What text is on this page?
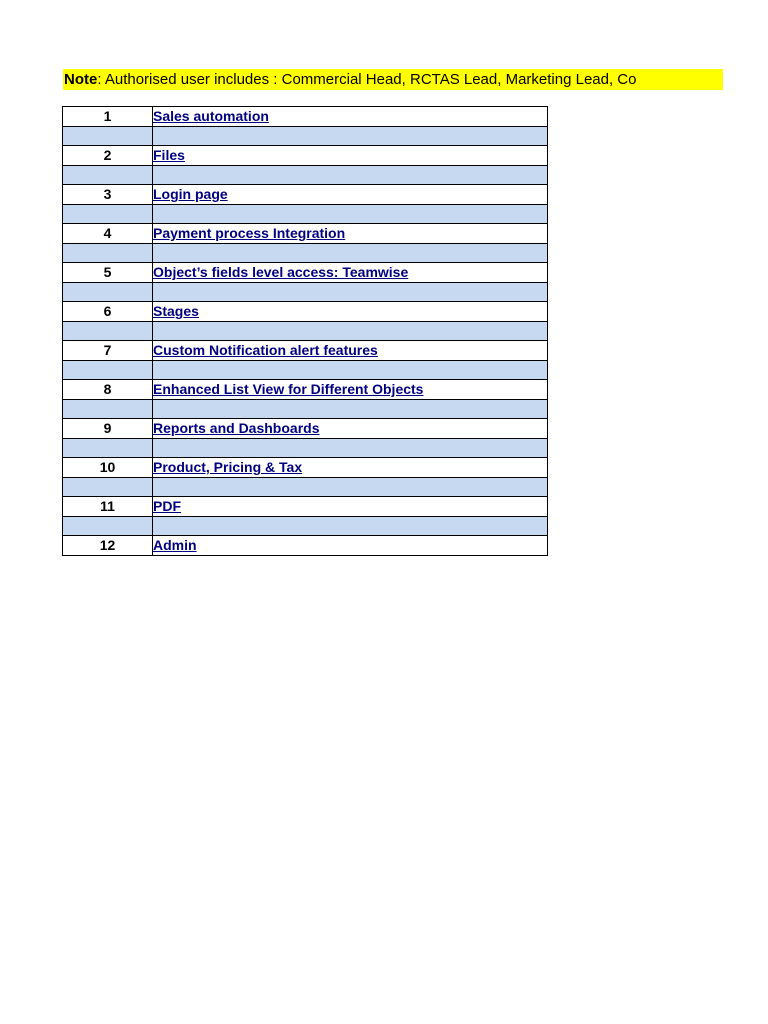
Note: Authorised user includes : Commercial Head, RCTAS Lead, Marketing Lead, Co
1	Sales automation

2	Files

3	Login page

4	Payment process Integration

5	Object’s fields level access: Teamwise

6	Stages

7	Custom Notification alert features

8	Enhanced List View for Different Objects

9	Reports and Dashboards

10	Product, Pricing & Tax

11	PDF

12	Admin
